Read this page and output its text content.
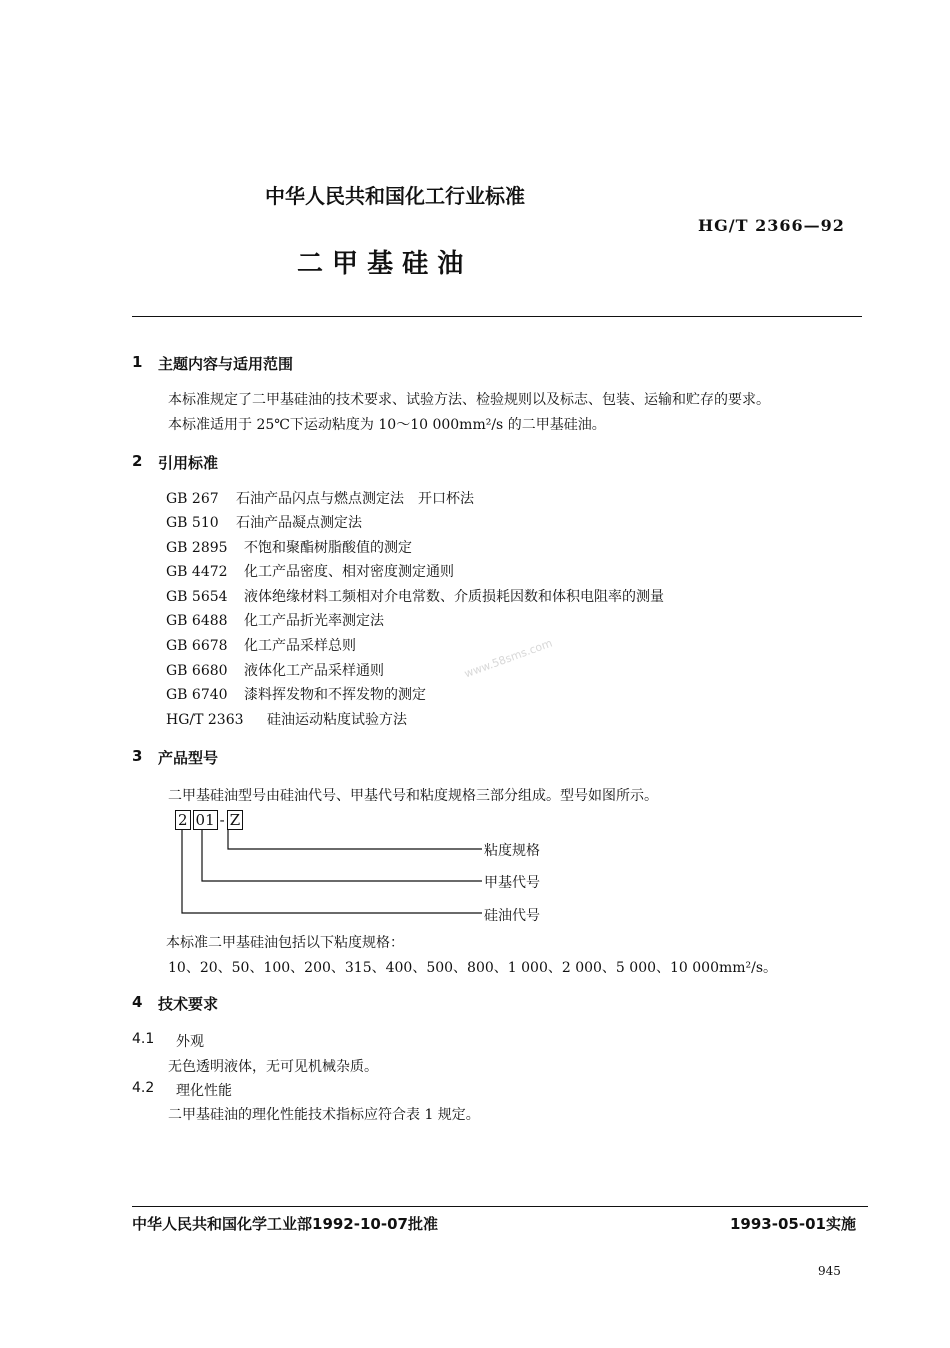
中华人民共和国化工行业标准
HG/T 2366—92
二 甲 基 硅 油
1 主题内容与适用范围
本标准规定了二甲基硅油的技术要求、试验方法、检验规则以及标志、包装、运输和贮存的要求。
本标准适用于 25℃下运动粘度为 10～10 000mm²/s 的二甲基硅油。
2 引用标准
GB 267 石油产品闪点与燃点测定法　开口杯法
GB 510 石油产品凝点测定法
GB 2895 不饱和聚酯树脂酸值的测定
GB 4472 化工产品密度、相对密度测定通则
GB 5654 液体绝缘材料工频相对介电常数、介质损耗因数和体积电阻率的测量
GB 6488 化工产品折光率测定法
GB 6678 化工产品采样总则
GB 6680 液体化工产品采样通则
GB 6740 漆料挥发物和不挥发物的测定
HG/T 2363 硅油运动粘度试验方法
3 产品型号
二甲基硅油型号由硅油代号、甲基代号和粘度规格三部分组成。型号如图所示。
2 01 - Z
粘度规格
甲基代号
硅油代号
本标准二甲基硅油包括以下粘度规格：
10、20、50、100、200、315、400、500、800、1 000、2 000、5 000、10 000mm²/s。
4 技术要求
4.1 外观
无色透明液体，无可见机械杂质。
4.2 理化性能
二甲基硅油的理化性能技术指标应符合表 1 规定。
中华人民共和国化学工业部1992-10-07批准	1993-05-01实施
945
www.58sms.com
